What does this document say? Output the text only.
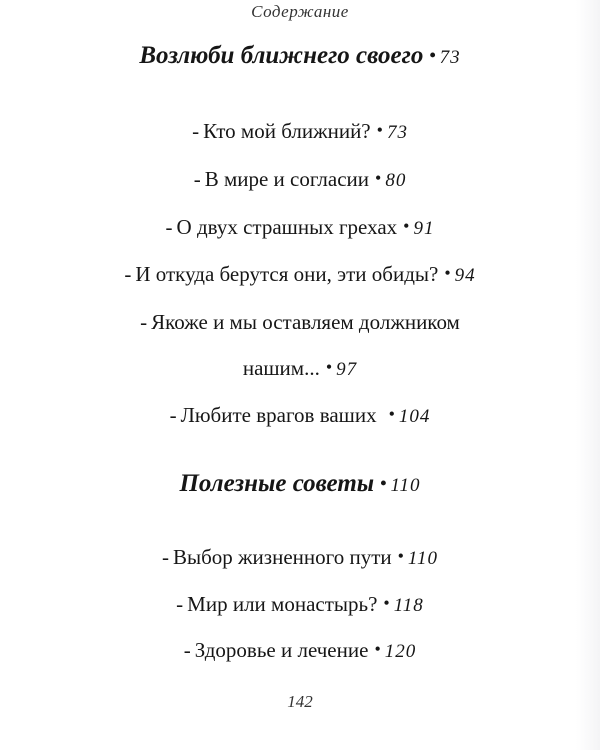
Содержание
Возлюби ближнего своего • 73
- Кто мой ближний? • 73
- В мире и согласии • 80
- О двух страшных грехах • 91
- И откуда берутся они, эти обиды? • 94
- Якоже и мы оставляем должником
нашим... • 97
- Любите врагов ваших • 104
Полезные советы • 110
- Выбор жизненного пути • 110
- Мир или монастырь? • 118
- Здоровье и лечение • 120
142
